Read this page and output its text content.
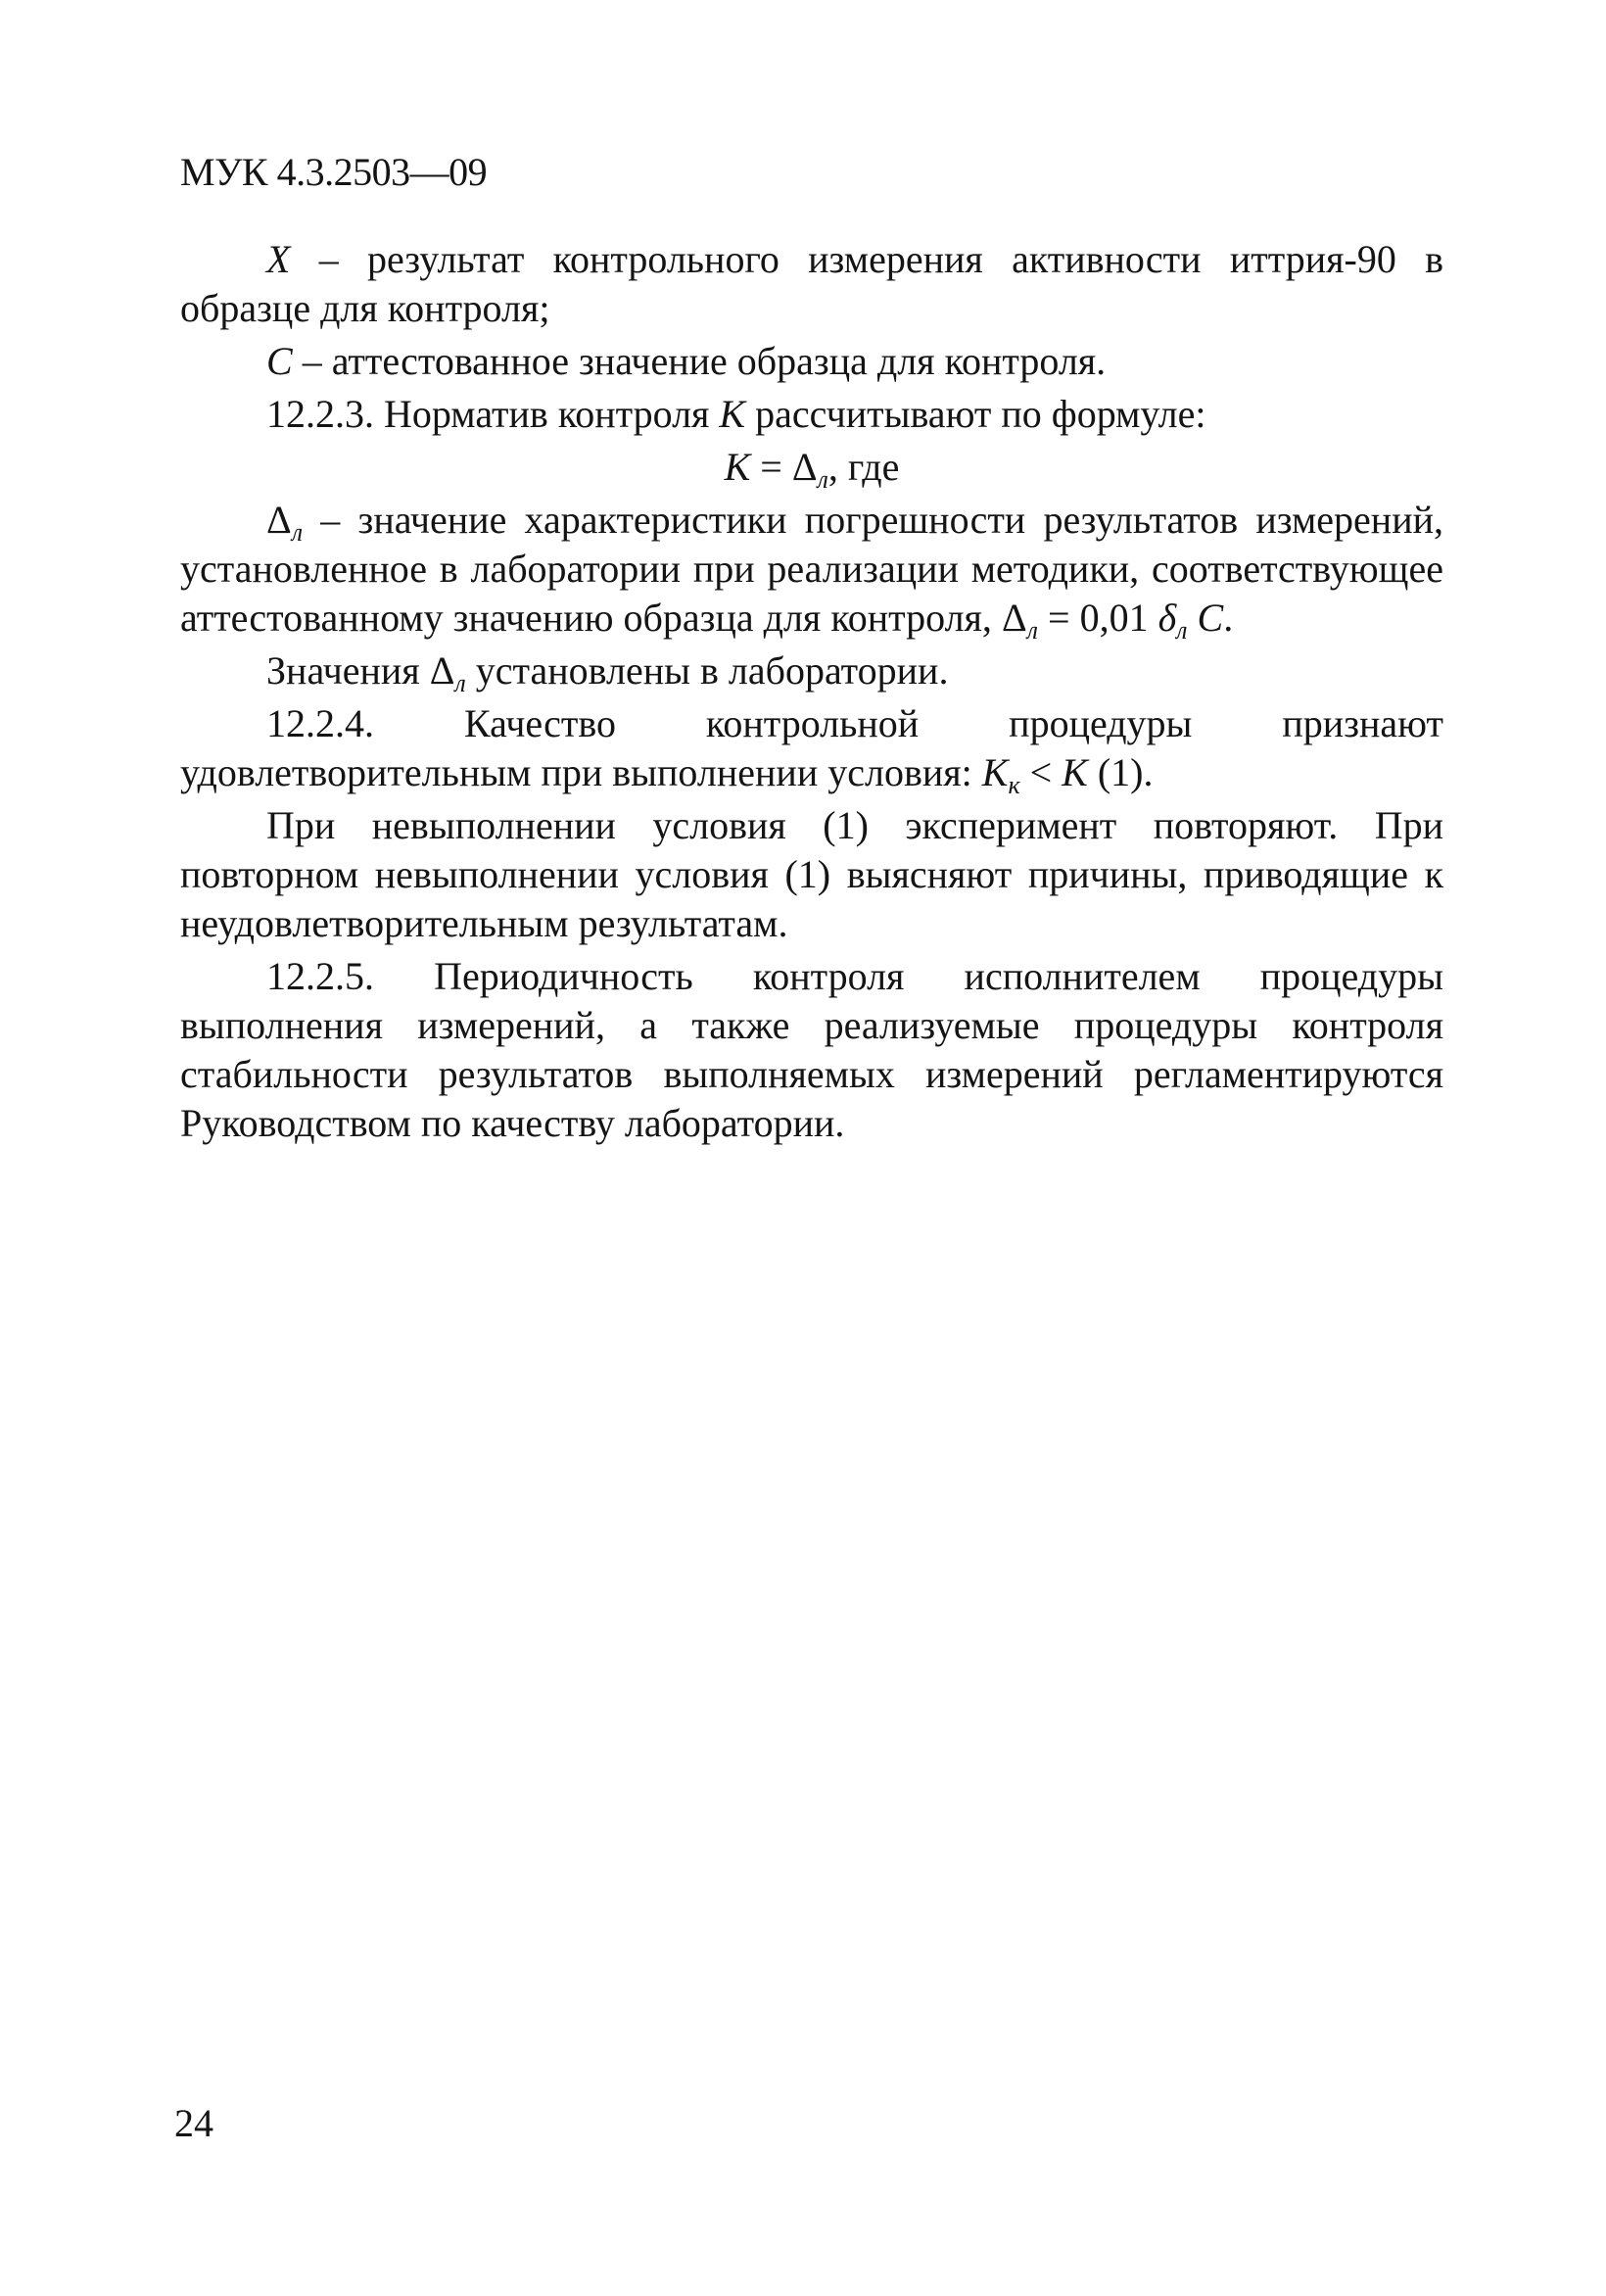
МУК 4.3.2503—09

X – результат контрольного измерения активности иттрия-90 в образце для контроля;

C – аттестованное значение образца для контроля.

12.2.3. Норматив контроля K рассчитывают по формуле:

$K = \Delta_л$, где

$\Delta_л$ – значение характеристики погрешности результатов измерений, установленное в лаборатории при реализации методики, соответствующее аттестованному значению образца для контроля, $\Delta_л = 0,01$ $\delta_л$ C.

Значения $\Delta_л$ установлены в лаборатории.

12.2.4. Качество контрольной процедуры признают удовлетворительным при выполнении условия: $K_к < K$ (1).

При невыполнении условия (1) эксперимент повторяют. При повторном невыполнении условия (1) выясняют причины, приводящие к неудовлетворительным результатам.

12.2.5. Периодичность контроля исполнителем процедуры выполнения измерений, а также реализуемые процедуры контроля стабильности результатов выполняемых измерений регламентируются Руководством по качеству лаборатории.

24
